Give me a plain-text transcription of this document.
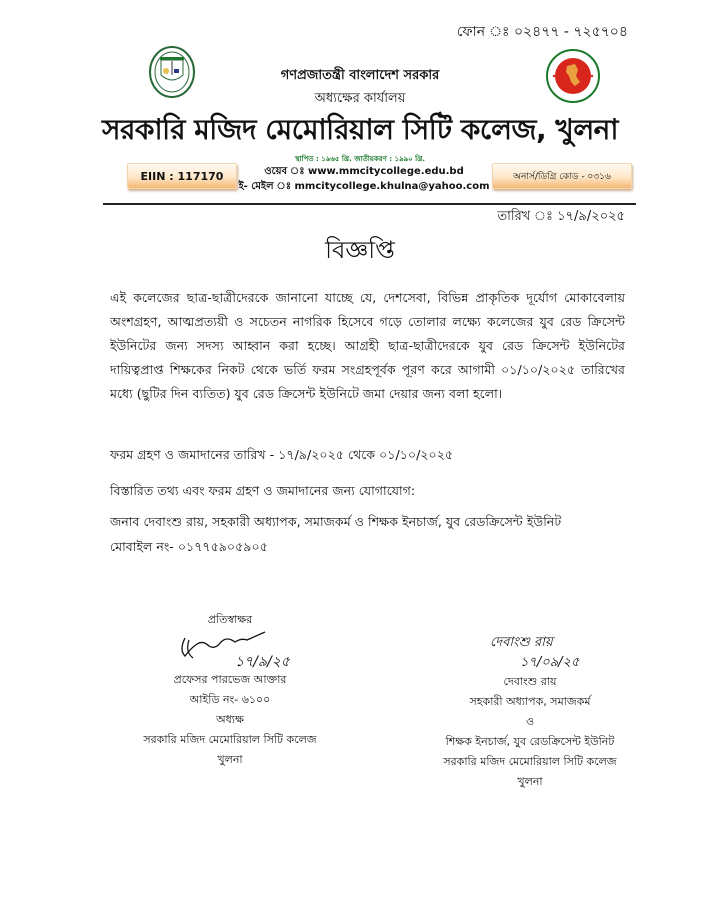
ফোন ঃ ০২৪৭৭ - ৭২৫৭০৪
গণপ্রজাতন্ত্রী বাংলাদেশ সরকার
অধ্যক্ষের কার্যালয়
সরকারি মজিদ মেমোরিয়াল সিটি কলেজ, খুলনা
স্থাপিত : ১৯৬৫ খ্রি. জাতীয়করণ : ১৯৯০ খ্রি.
ওয়েব ঃ www.mmcitycollege.edu.bd
ই- মেইল ঃ mmcitycollege.khulna@yahoo.com
EIIN : 117170	অনার্স/ডিগ্রি কোড - ০৩১৬
তারিখ ঃ ১৭/৯/২০২৫
বিজ্ঞপ্তি
এই কলেজের ছাত্র-ছাত্রীদেরকে জানানো যাচ্ছে যে, দেশসেবা, বিভিন্ন প্রাকৃতিক দূর্যোগ মোকাবেলায় অংশগ্রহণ, আত্মপ্রত্যয়ী ও সচেতন নাগরিক হিসেবে গড়ে তোলার লক্ষ্যে কলেজের যুব রেড ক্রিসেন্ট ইউনিটের জন্য সদস্য আহ্বান করা হচ্ছে। আগ্রহী ছাত্র-ছাত্রীদেরকে যুব রেড ক্রিসেন্ট ইউনিটের দায়িত্বপ্রাপ্ত শিক্ষকের নিকট থেকে ভর্তি ফরম সংগ্রহপূর্বক পূরণ করে আগামী ০১/১০/২০২৫ তারিখের মধ্যে (ছুটির দিন ব্যতিত) যুব রেড ক্রিসেন্ট ইউনিটে জমা দেয়ার জন্য বলা হলো।
ফরম গ্রহণ ও জমাদানের তারিখ - ১৭/৯/২০২৫ থেকে ০১/১০/২০২৫
বিস্তারিত তথ্য এবং ফরম গ্রহণ ও জমাদানের জন্য যোগাযোগ:
জনাব দেবাংশু রায়, সহকারী অধ্যাপক, সমাজকর্ম ও শিক্ষক ইনচার্জ, যুব রেডক্রিসেন্ট ইউনিট
মোবাইল নং- ০১৭৭৫৯০৫৯০৫
প্রতিস্বাক্ষর
১৭/৯/২৫
প্রফেসর পারভেজ আক্তার
আইডি নং- ৬১০০
অধ্যক্ষ
সরকারি মজিদ মেমোরিয়াল সিটি কলেজ
খুলনা
দেবাংশু রায়
১৭/০৯/২৫
দেবাংশু রায়
সহকারী অধ্যাপক, সমাজকর্ম
ও
শিক্ষক ইনচার্জ, যুব রেডক্রিসেন্ট ইউনিট
সরকারি মজিদ মেমোরিয়াল সিটি কলেজ
খুলনা
